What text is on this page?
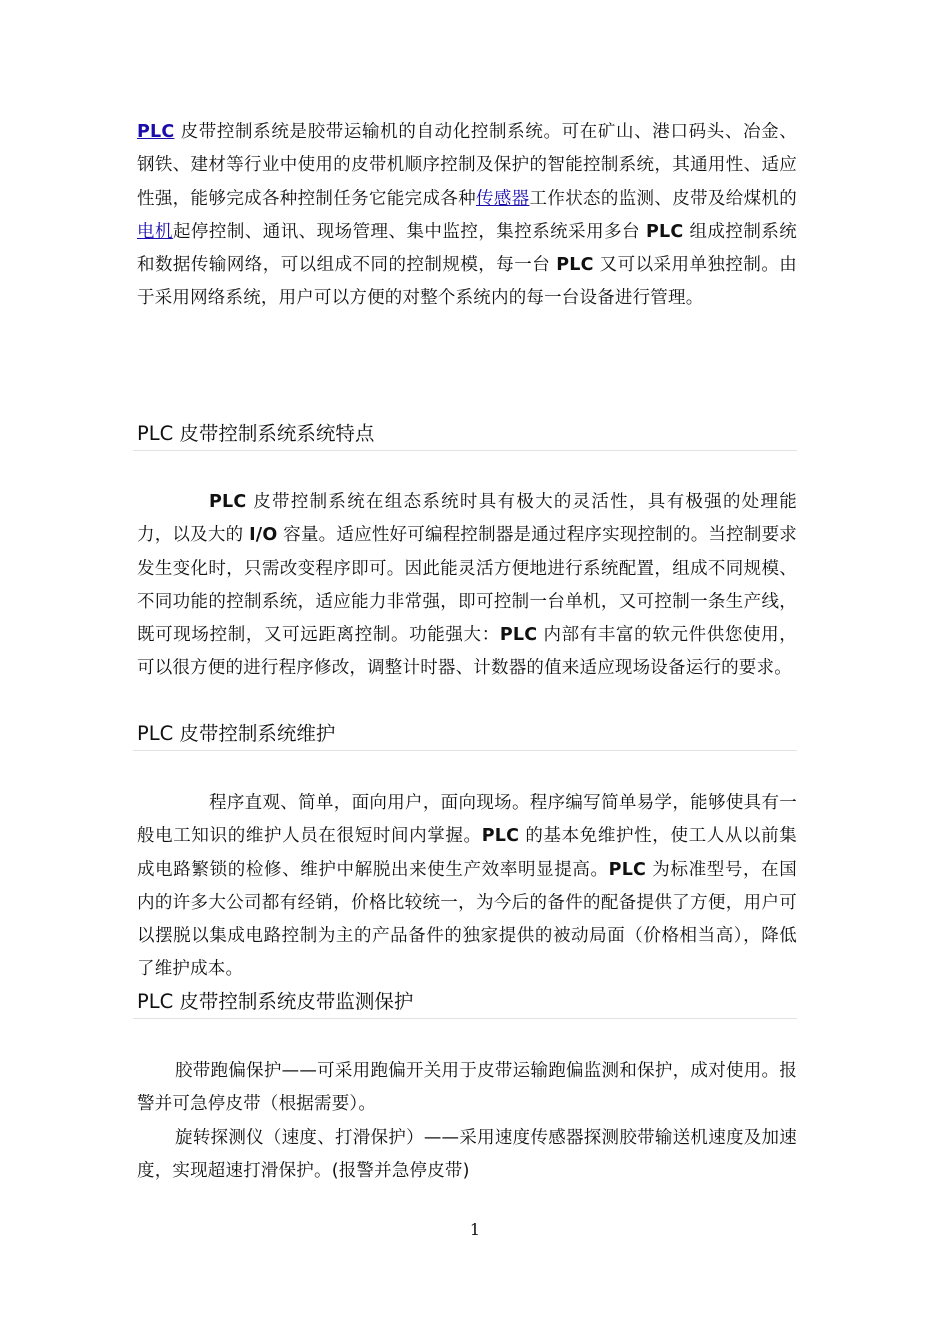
PLC 皮带控制系统是胶带运输机的自动化控制系统。可在矿山、港口码头、冶金、钢铁、建材等行业中使用的皮带机顺序控制及保护的智能控制系统，其通用性、适应性强，能够完成各种控制任务它能完成各种传感器工作状态的监测、皮带及给煤机的电机起停控制、通讯、现场管理、集中监控，集控系统采用多台 PLC 组成控制系统和数据传输网络，可以组成不同的控制规模，每一台 PLC 又可以采用单独控制。由于采用网络系统，用户可以方便的对整个系统内的每一台设备进行管理。

PLC 皮带控制系统系统特点

PLC 皮带控制系统在组态系统时具有极大的灵活性，具有极强的处理能力，以及大的 I/O 容量。适应性好可编程控制器是通过程序实现控制的。当控制要求发生变化时，只需改变程序即可。因此能灵活方便地进行系统配置，组成不同规模、不同功能的控制系统，适应能力非常强，即可控制一台单机，又可控制一条生产线，既可现场控制，又可远距离控制。功能强大：PLC 内部有丰富的软元件供您使用，可以很方便的进行程序修改，调整计时器、计数器的值来适应现场设备运行的要求。

PLC 皮带控制系统维护

程序直观、简单，面向用户，面向现场。程序编写简单易学，能够使具有一般电工知识的维护人员在很短时间内掌握。PLC 的基本免维护性，使工人从以前集成电路繁锁的检修、维护中解脱出来使生产效率明显提高。PLC 为标准型号，在国内的许多大公司都有经销，价格比较统一，为今后的备件的配备提供了方便，用户可以摆脱以集成电路控制为主的产品备件的独家提供的被动局面（价格相当高），降低了维护成本。

PLC 皮带控制系统皮带监测保护

胶带跑偏保护——可采用跑偏开关用于皮带运输跑偏监测和保护，成对使用。报警并可急停皮带（根据需要）。

旋转探测仪（速度、打滑保护）——采用速度传感器探测胶带输送机速度及加速度，实现超速打滑保护。(报警并急停皮带)

1
